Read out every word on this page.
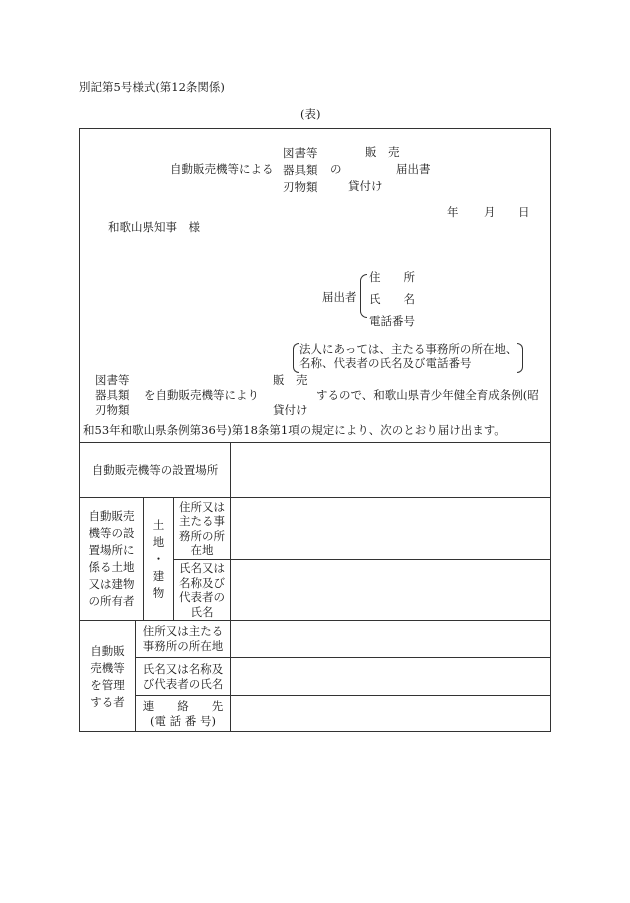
別記第5号様式(第12条関係)
(表)
自動販売機等による
図書等
器具類
刃物類
の
販　売
貸付け
届出書
年 月 日
和歌山県知事　様
届出者
住　　所
氏　　名
電話番号
法人にあっては、主たる事務所の所在地、
名称、代表者の氏名及び電話番号
図書等
器具類
刃物類
を自動販売機等により
販　売
貸付け
するので、和歌山県青少年健全育成条例(昭
和53年和歌山県条例第36号)第18条第1項の規定により、次のとおり届け出ます。
自動販売機等の設置場所
自動販売
機等の設
置場所に
係る土地
又は建物
の所有者
土
地
・
建
物
住所又は
主たる事
務所の所
在地
氏名又は
名称及び
代表者の
氏名
自動販
売機等
を管理
する者
住所又は主たる
事務所の所在地
氏名又は名称及
び代表者の氏名
連　　絡　　先
(電 話 番 号)
